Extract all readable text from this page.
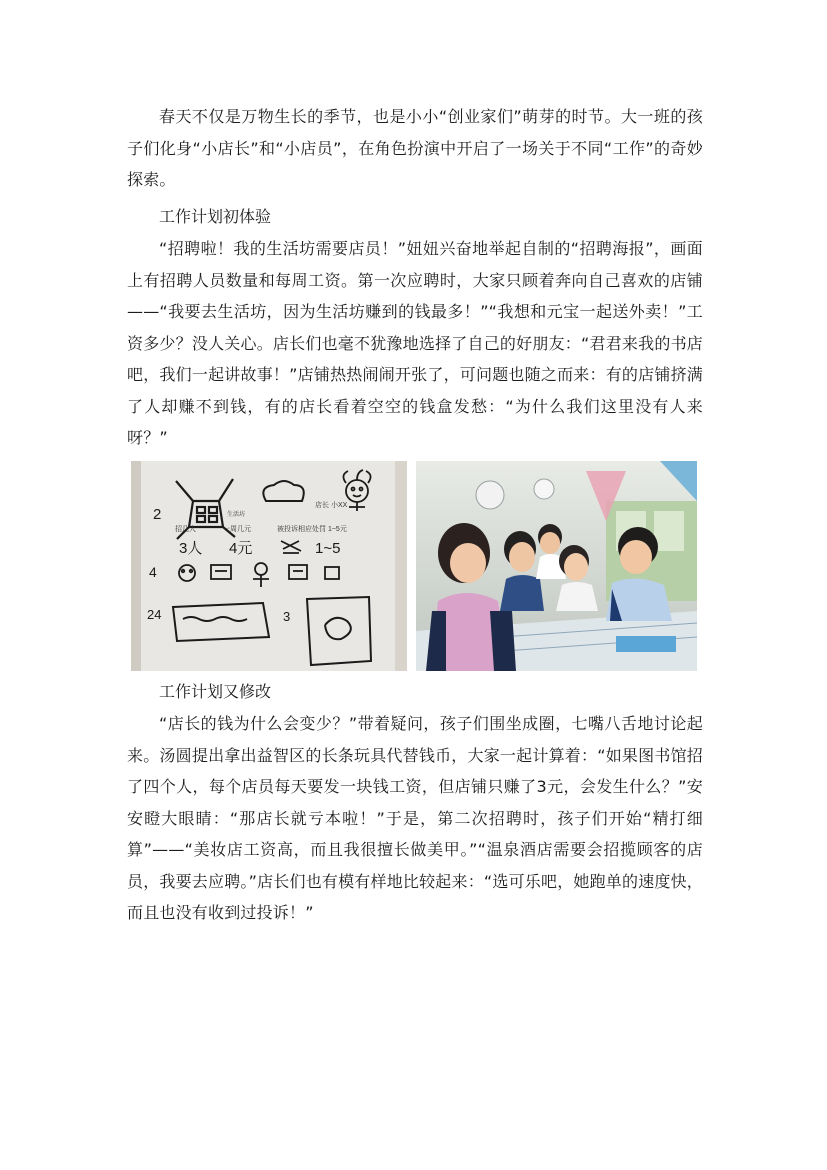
春天不仅是万物生长的季节，也是小小“创业家们”萌芽的时节。大一班的孩子们化身“小店长”和“小店员”，在角色扮演中开启了一场关于不同“工作”的奇妙探索。

工作计划初体验

“招聘啦！我的生活坊需要店员！”妞妞兴奋地举起自制的“招聘海报”，画面上有招聘人员数量和每周工资。第一次应聘时，大家只顾着奔向自己喜欢的店铺——“我要去生活坊，因为生活坊赚到的钱最多！”“我想和元宝一起送外卖！”工资多少？没人关心。店长们也毫不犹豫地选择了自己的好朋友：“君君来我的书店吧，我们一起讲故事！”店铺热热闹闹开张了，可问题也随之而来：有的店铺挤满了人却赚不到钱，有的店长看着空空的钱盒发愁：“为什么我们这里没有人来呀？”

店长 小XX
2	生活坊
招几人	一周几元	被投诉相应处罚 1~5元
3人 4元	1~5
4
24	3

工作计划又修改

“店长的钱为什么会变少？”带着疑问，孩子们围坐成圈，七嘴八舌地讨论起来。汤圆提出拿出益智区的长条玩具代替钱币，大家一起计算着：“如果图书馆招了四个人，每个店员每天要发一块钱工资，但店铺只赚了3元，会发生什么？”安安瞪大眼睛：“那店长就亏本啦！”于是，第二次招聘时，孩子们开始“精打细算”——“美妆店工资高，而且我很擅长做美甲。”“温泉酒店需要会招揽顾客的店员，我要去应聘。”店长们也有模有样地比较起来：“选可乐吧，她跑单的速度快，而且也没有收到过投诉！”
